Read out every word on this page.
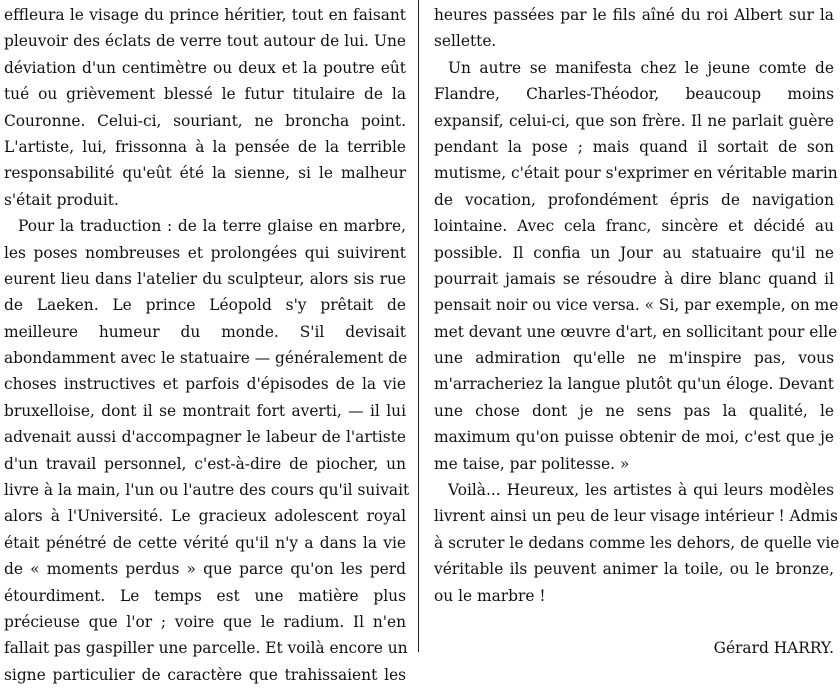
effleura le visage du prince héritier, tout en faisant
pleuvoir des éclats de verre tout autour de lui. Une
déviation d'un centimètre ou deux et la poutre eût
tué ou grièvement blessé le futur titulaire de la
Couronne. Celui-ci, souriant, ne broncha point.
L'artiste, lui, frissonna à la pensée de la terrible
responsabilité qu'eût été la sienne, si le malheur
s'était produit.
Pour la traduction : de la terre glaise en marbre,
les poses nombreuses et prolongées qui suivirent
eurent lieu dans l'atelier du sculpteur, alors sis rue
de Laeken. Le prince Léopold s'y prêtait de
meilleure humeur du monde. S'il devisait
abondamment avec le statuaire — généralement de
choses instructives et parfois d'épisodes de la vie
bruxelloise, dont il se montrait fort averti, — il lui
advenait aussi d'accompagner le labeur de l'artiste
d'un travail personnel, c'est-à-dire de piocher, un
livre à la main, l'un ou l'autre des cours qu'il suivait
alors à l'Université. Le gracieux adolescent royal
était pénétré de cette vérité qu'il n'y a dans la vie
de « moments perdus » que parce qu'on les perd
étourdiment. Le temps est une matière plus
précieuse que l'or ; voire que le radium. Il n'en
fallait pas gaspiller une parcelle. Et voilà encore un
signe particulier de caractère que trahissaient les
heures passées par le fils aîné du roi Albert sur la
sellette.
Un autre se manifesta chez le jeune comte de
Flandre, Charles-Théodor, beaucoup moins
expansif, celui-ci, que son frère. Il ne parlait guère
pendant la pose ; mais quand il sortait de son
mutisme, c'était pour s'exprimer en véritable marin
de vocation, profondément épris de navigation
lointaine. Avec cela franc, sincère et décidé au
possible. Il confia un Jour au statuaire qu'il ne
pourrait jamais se résoudre à dire blanc quand il
pensait noir ou vice versa. « Si, par exemple, on me
met devant une œuvre d'art, en sollicitant pour elle
une admiration qu'elle ne m'inspire pas, vous
m'arracheriez la langue plutôt qu'un éloge. Devant
une chose dont je ne sens pas la qualité, le
maximum qu'on puisse obtenir de moi, c'est que je
me taise, par politesse. »
Voilà... Heureux, les artistes à qui leurs modèles
livrent ainsi un peu de leur visage intérieur ! Admis
à scruter le dedans comme les dehors, de quelle vie
véritable ils peuvent animer la toile, ou le bronze,
ou le marbre !
Gérard HARRY.
